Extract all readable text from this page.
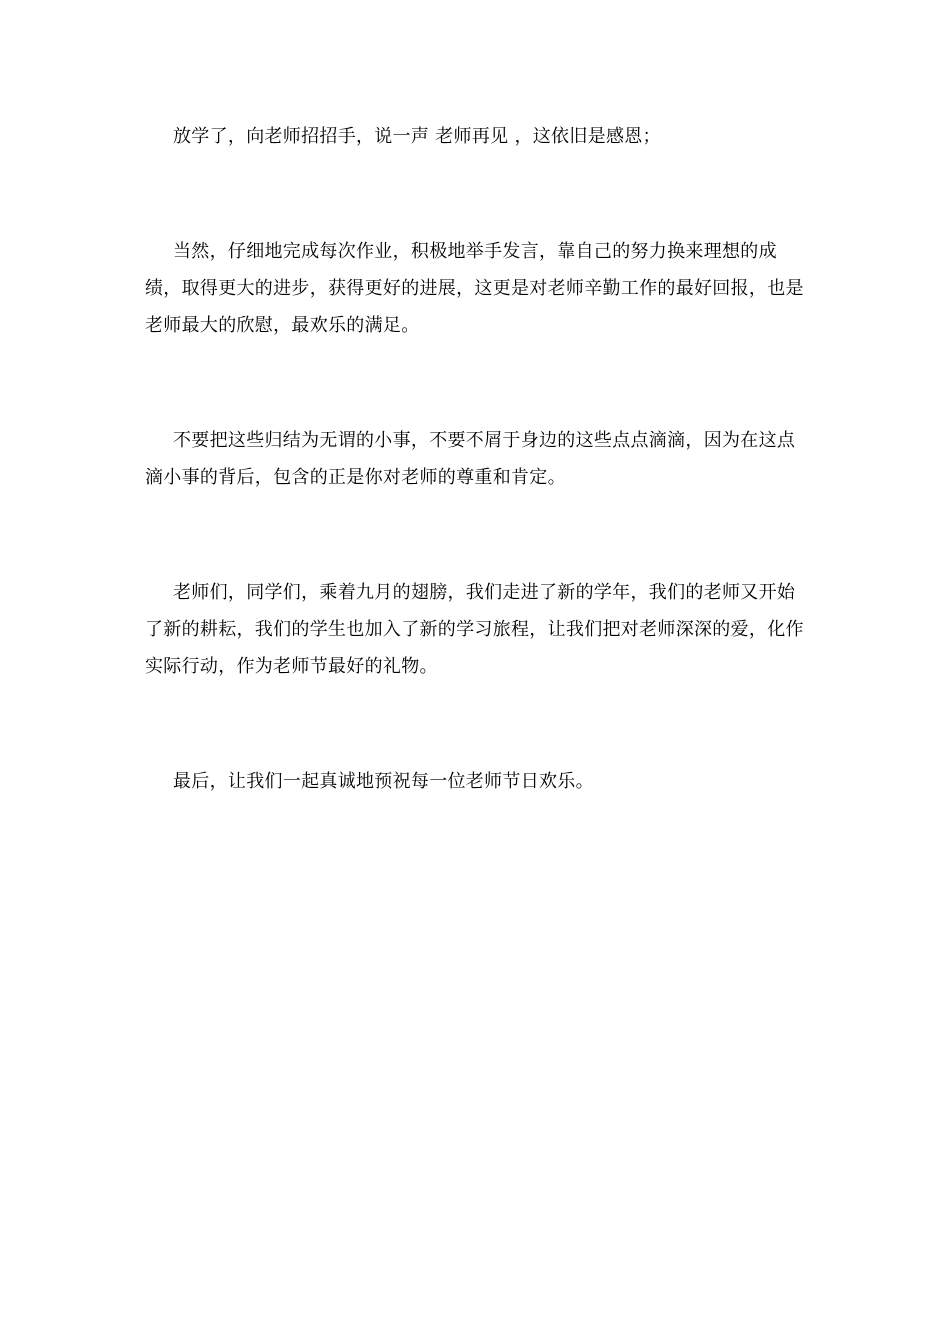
放学了，向老师招招手，说一声 老师再见 ，这依旧是感恩；

当然，仔细地完成每次作业，积极地举手发言，靠自己的努力换来理想的成绩，取得更大的进步，获得更好的进展，这更是对老师辛勤工作的最好回报，也是老师最大的欣慰，最欢乐的满足。

不要把这些归结为无谓的小事，不要不屑于身边的这些点点滴滴，因为在这点滴小事的背后，包含的正是你对老师的尊重和肯定。

老师们，同学们，乘着九月的翅膀，我们走进了新的学年，我们的老师又开始了新的耕耘，我们的学生也加入了新的学习旅程，让我们把对老师深深的爱，化作实际行动，作为老师节最好的礼物。

最后，让我们一起真诚地预祝每一位老师节日欢乐。
